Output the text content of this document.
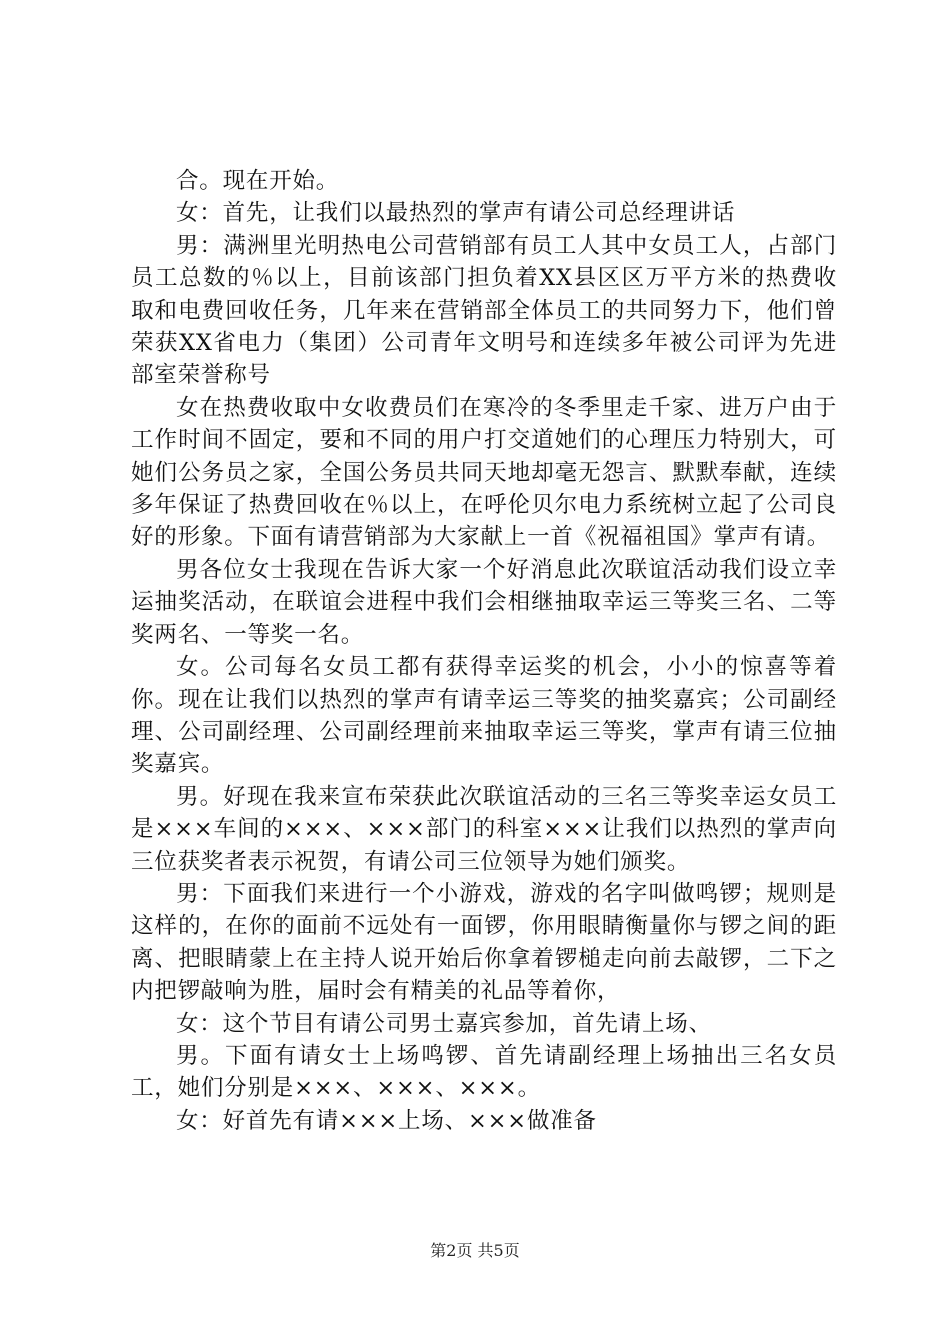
合。现在开始。

女：首先，让我们以最热烈的掌声有请公司总经理讲话

男：满洲里光明热电公司营销部有员工人其中女员工人，占部门员工总数的％以上，目前该部门担负着XX县区区万平方米的热费收取和电费回收任务，几年来在营销部全体员工的共同努力下，他们曾荣获XX省电力（集团）公司青年文明号和连续多年被公司评为先进部室荣誉称号

女在热费收取中女收费员们在寒冷的冬季里走千家、进万户由于工作时间不固定，要和不同的用户打交道她们的心理压力特别大，可她们公务员之家，全国公务员共同天地却毫无怨言、默默奉献，连续多年保证了热费回收在％以上，在呼伦贝尔电力系统树立起了公司良好的形象。下面有请营销部为大家献上一首《祝福祖国》掌声有请。

男各位女士我现在告诉大家一个好消息此次联谊活动我们设立幸运抽奖活动，在联谊会进程中我们会相继抽取幸运三等奖三名、二等奖两名、一等奖一名。

女。公司每名女员工都有获得幸运奖的机会，小小的惊喜等着你。现在让我们以热烈的掌声有请幸运三等奖的抽奖嘉宾；公司副经理、公司副经理、公司副经理前来抽取幸运三等奖，掌声有请三位抽奖嘉宾。

男。好现在我来宣布荣获此次联谊活动的三名三等奖幸运女员工是×××车间的×××、×××部门的科室×××让我们以热烈的掌声向三位获奖者表示祝贺，有请公司三位领导为她们颁奖。

男：下面我们来进行一个小游戏，游戏的名字叫做鸣锣；规则是这样的，在你的面前不远处有一面锣，你用眼睛衡量你与锣之间的距离、把眼睛蒙上在主持人说开始后你拿着锣槌走向前去敲锣，二下之内把锣敲响为胜，届时会有精美的礼品等着你，

女：这个节目有请公司男士嘉宾参加，首先请上场、

男。下面有请女士上场鸣锣、首先请副经理上场抽出三名女员工，她们分别是×××、×××、×××。

女：好首先有请×××上场、×××做准备

第2页 共5页
